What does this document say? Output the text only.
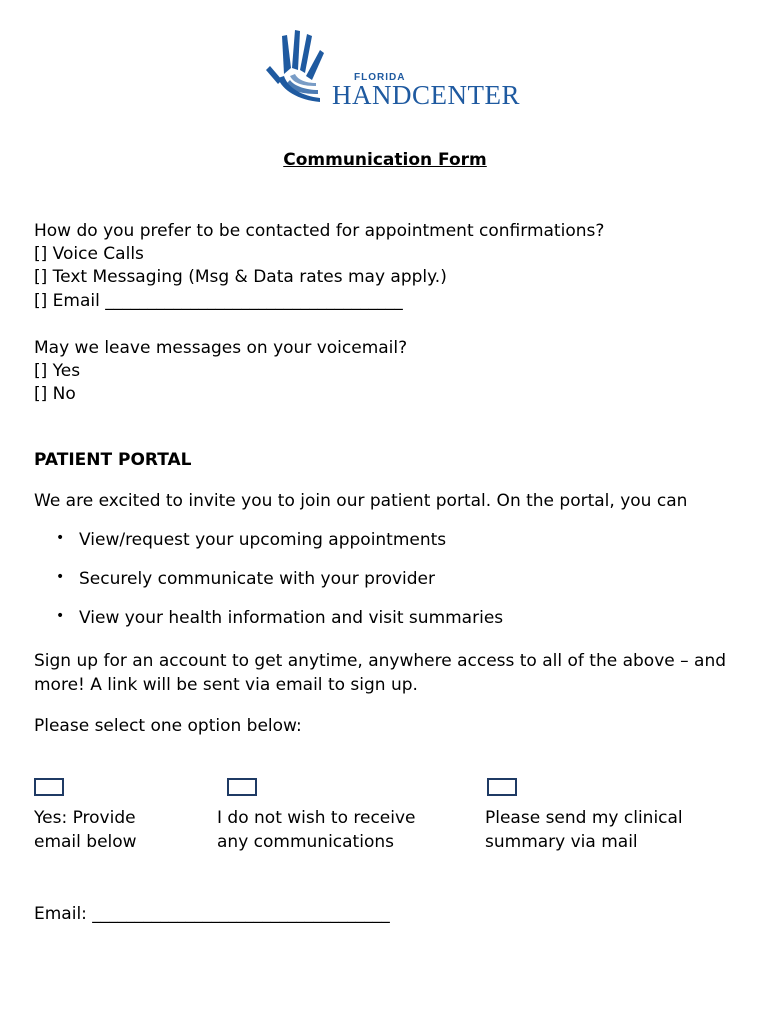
FLORIDA
HANDCENTER
Communication Form
How do you prefer to be contacted for appointment confirmations?
[] Voice Calls
[] Text Messaging (Msg & Data rates may apply.)
[] Email ___________________________________
May we leave messages on your voicemail?
[] Yes
[] No
PATIENT PORTAL
We are excited to invite you to join our patient portal. On the portal, you can
• View/request your upcoming appointments
• Securely communicate with your provider
• View your health information and visit summaries
Sign up for an account to get anytime, anywhere access to all of the above – and
more! A link will be sent via email to sign up.
Please select one option below:
Yes: Provide email below
I do not wish to receive any communications
Please send my clinical summary via mail
Email: ___________________________________
